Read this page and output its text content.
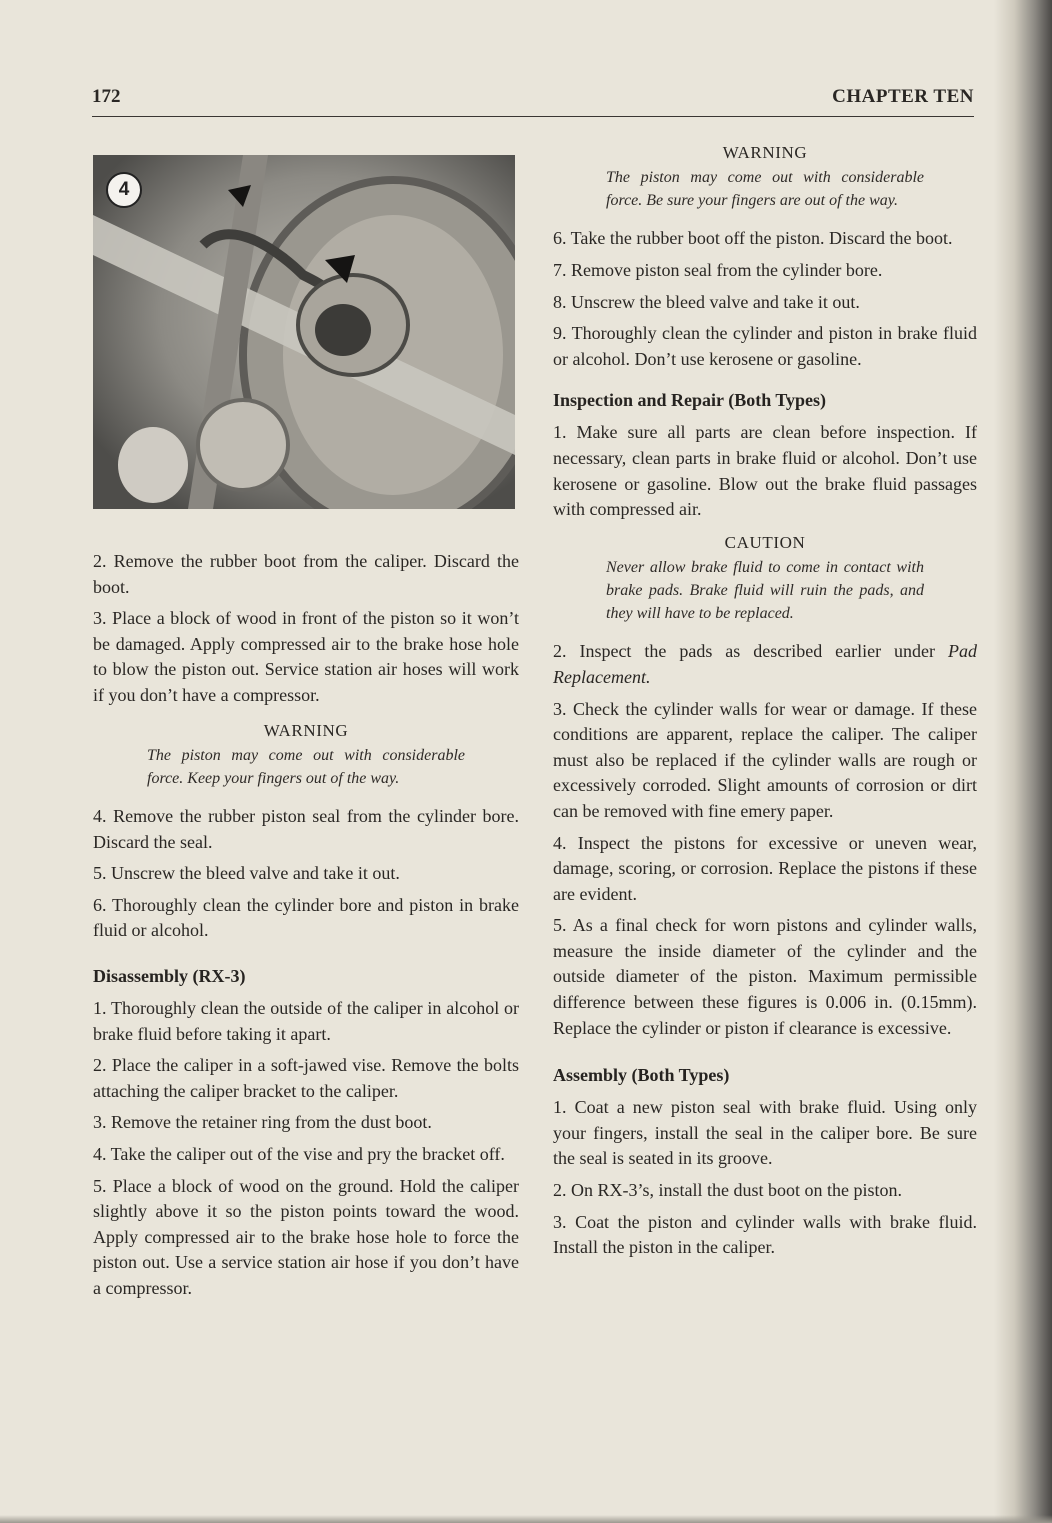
172	CHAPTER TEN
4

2. Remove the rubber boot from the caliper. Discard the boot.

3. Place a block of wood in front of the piston so it won’t be damaged. Apply compressed air to the brake hose hole to blow the piston out. Service station air hoses will work if you don’t have a compressor.

WARNING
The piston may come out with considerable force. Keep your fingers out of the way.

4. Remove the rubber piston seal from the cylinder bore. Discard the seal.

5. Unscrew the bleed valve and take it out.

6. Thoroughly clean the cylinder bore and piston in brake fluid or alcohol.

Disassembly (RX-3)

1. Thoroughly clean the outside of the caliper in alcohol or brake fluid before taking it apart.

2. Place the caliper in a soft-jawed vise. Remove the bolts attaching the caliper bracket to the caliper.

3. Remove the retainer ring from the dust boot.

4. Take the caliper out of the vise and pry the bracket off.

5. Place a block of wood on the ground. Hold the caliper slightly above it so the piston points toward the wood. Apply compressed air to the brake hose hole to force the piston out. Use a service station air hose if you don’t have a compressor.

WARNING
The piston may come out with considerable force. Be sure your fingers are out of the way.

6. Take the rubber boot off the piston. Discard the boot.

7. Remove piston seal from the cylinder bore.

8. Unscrew the bleed valve and take it out.

9. Thoroughly clean the cylinder and piston in brake fluid or alcohol. Don’t use kerosene or gasoline.

Inspection and Repair (Both Types)

1. Make sure all parts are clean before inspection. If necessary, clean parts in brake fluid or alcohol. Don’t use kerosene or gasoline. Blow out the brake fluid passages with compressed air.

CAUTION
Never allow brake fluid to come in contact with brake pads. Brake fluid will ruin the pads, and they will have to be replaced.

2. Inspect the pads as described earlier under Pad Replacement.

3. Check the cylinder walls for wear or damage. If these conditions are apparent, replace the caliper. The caliper must also be replaced if the cylinder walls are rough or excessively corroded. Slight amounts of corrosion or dirt can be removed with fine emery paper.

4. Inspect the pistons for excessive or uneven wear, damage, scoring, or corrosion. Replace the pistons if these are evident.

5. As a final check for worn pistons and cylinder walls, measure the inside diameter of the cylinder and the outside diameter of the piston. Maximum permissible difference between these figures is 0.006 in. (0.15mm). Replace the cylinder or piston if clearance is excessive.

Assembly (Both Types)

1. Coat a new piston seal with brake fluid. Using only your fingers, install the seal in the caliper bore. Be sure the seal is seated in its groove.

2. On RX-3’s, install the dust boot on the piston.

3. Coat the piston and cylinder walls with brake fluid. Install the piston in the caliper.
